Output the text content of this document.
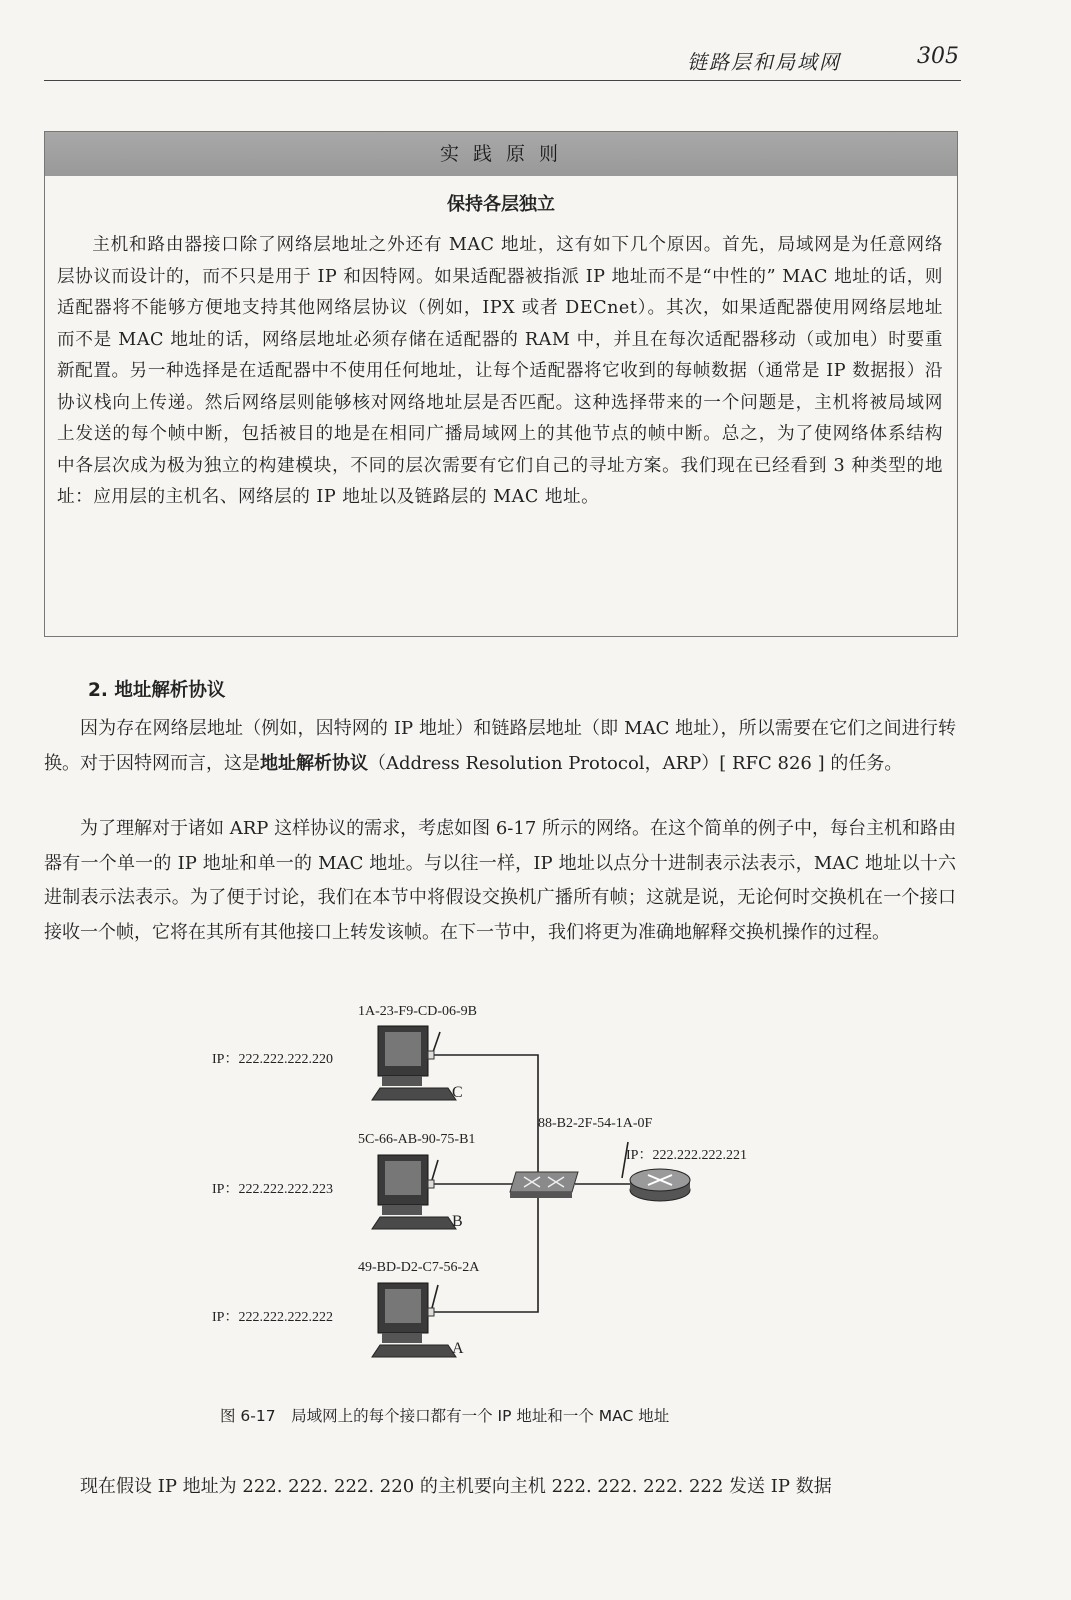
链路层和局域网	305
实 践 原 则
保持各层独立
主机和路由器接口除了网络层地址之外还有 MAC 地址，这有如下几个原因。首先，局域网是为任意网络层协议而设计的，而不只是用于 IP 和因特网。如果适配器被指派 IP 地址而不是“中性的” MAC 地址的话，则适配器将不能够方便地支持其他网络层协议（例如，IPX 或者 DECnet）。其次，如果适配器使用网络层地址而不是 MAC 地址的话，网络层地址必须存储在适配器的 RAM 中，并且在每次适配器移动（或加电）时要重新配置。另一种选择是在适配器中不使用任何地址，让每个适配器将它收到的每帧数据（通常是 IP 数据报）沿协议栈向上传递。然后网络层则能够核对网络地址层是否匹配。这种选择带来的一个问题是，主机将被局域网上发送的每个帧中断，包括被目的地是在相同广播局域网上的其他节点的帧中断。总之，为了使网络体系结构中各层次成为极为独立的构建模块，不同的层次需要有它们自己的寻址方案。我们现在已经看到 3 种类型的地址：应用层的主机名、网络层的 IP 地址以及链路层的 MAC 地址。
2. 地址解析协议
因为存在网络层地址（例如，因特网的 IP 地址）和链路层地址（即 MAC 地址），所以需要在它们之间进行转换。对于因特网而言，这是地址解析协议（Address Resolution Protocol，ARP）[ RFC 826 ] 的任务。
为了理解对于诸如 ARP 这样协议的需求，考虑如图 6-17 所示的网络。在这个简单的例子中，每台主机和路由器有一个单一的 IP 地址和单一的 MAC 地址。与以往一样，IP 地址以点分十进制表示法表示，MAC 地址以十六进制表示法表示。为了便于讨论，我们在本节中将假设交换机广播所有帧；这就是说，无论何时交换机在一个接口接收一个帧，它将在其所有其他接口上转发该帧。在下一节中，我们将更为准确地解释交换机操作的过程。
1A-23-F9-CD-06-9B
IP：222.222.222.220
C
5C-66-AB-90-75-B1
IP：222.222.222.223
B
49-BD-D2-C7-56-2A
IP：222.222.222.222
A
88-B2-2F-54-1A-0F
IP：222.222.222.221
图 6-17　局域网上的每个接口都有一个 IP 地址和一个 MAC 地址
现在假设 IP 地址为 222. 222. 222. 220 的主机要向主机 222. 222. 222. 222 发送 IP 数据
